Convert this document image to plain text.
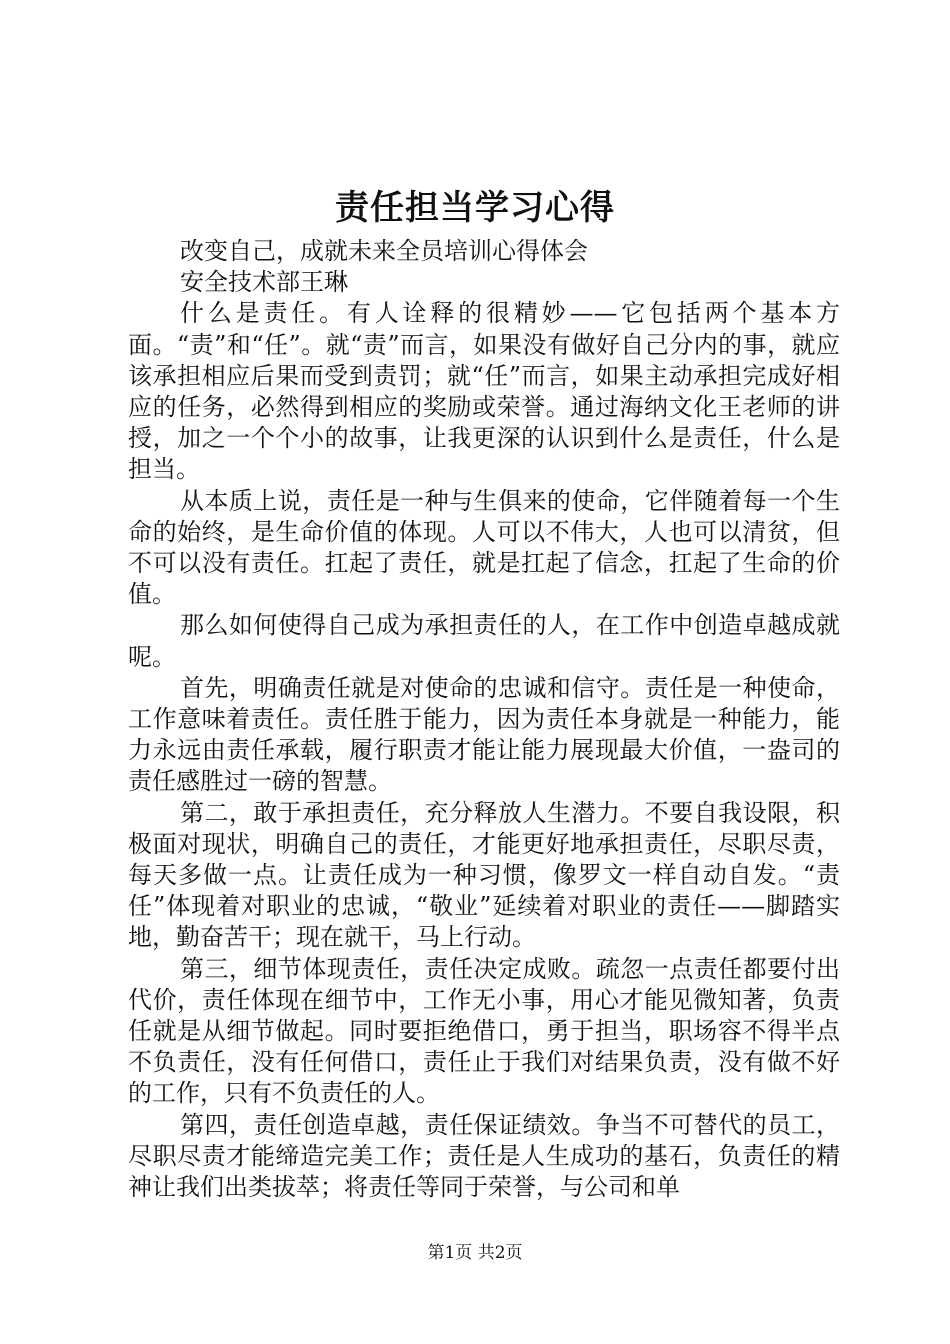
责任担当学习心得

改变自己，成就未来全员培训心得体会

安全技术部王琳

什么是责任。有人诠释的很精妙——它包括两个基本方面。“责”和“任”。就“责”而言，如果没有做好自己分内的事，就应该承担相应后果而受到责罚；就“任”而言，如果主动承担完成好相应的任务，必然得到相应的奖励或荣誉。通过海纳文化王老师的讲授，加之一个个小的故事，让我更深的认识到什么是责任，什么是担当。

从本质上说，责任是一种与生俱来的使命，它伴随着每一个生命的始终，是生命价值的体现。人可以不伟大，人也可以清贫，但不可以没有责任。扛起了责任，就是扛起了信念，扛起了生命的价值。

那么如何使得自己成为承担责任的人，在工作中创造卓越成就呢。

首先，明确责任就是对使命的忠诚和信守。责任是一种使命，工作意味着责任。责任胜于能力，因为责任本身就是一种能力，能力永远由责任承载，履行职责才能让能力展现最大价值，一盎司的责任感胜过一磅的智慧。

第二，敢于承担责任，充分释放人生潜力。不要自我设限，积极面对现状，明确自己的责任，才能更好地承担责任，尽职尽责，每天多做一点。让责任成为一种习惯，像罗文一样自动自发。“责任”体现着对职业的忠诚，“敬业”延续着对职业的责任——脚踏实地，勤奋苦干；现在就干，马上行动。

第三，细节体现责任，责任决定成败。疏忽一点责任都要付出代价，责任体现在细节中，工作无小事，用心才能见微知著，负责任就是从细节做起。同时要拒绝借口，勇于担当，职场容不得半点不负责任，没有任何借口，责任止于我们对结果负责，没有做不好的工作，只有不负责任的人。

第四，责任创造卓越，责任保证绩效。争当不可替代的员工，尽职尽责才能缔造完美工作；责任是人生成功的基石，负责任的精神让我们出类拔萃；将责任等同于荣誉，与公司和单

第1页 共2页
